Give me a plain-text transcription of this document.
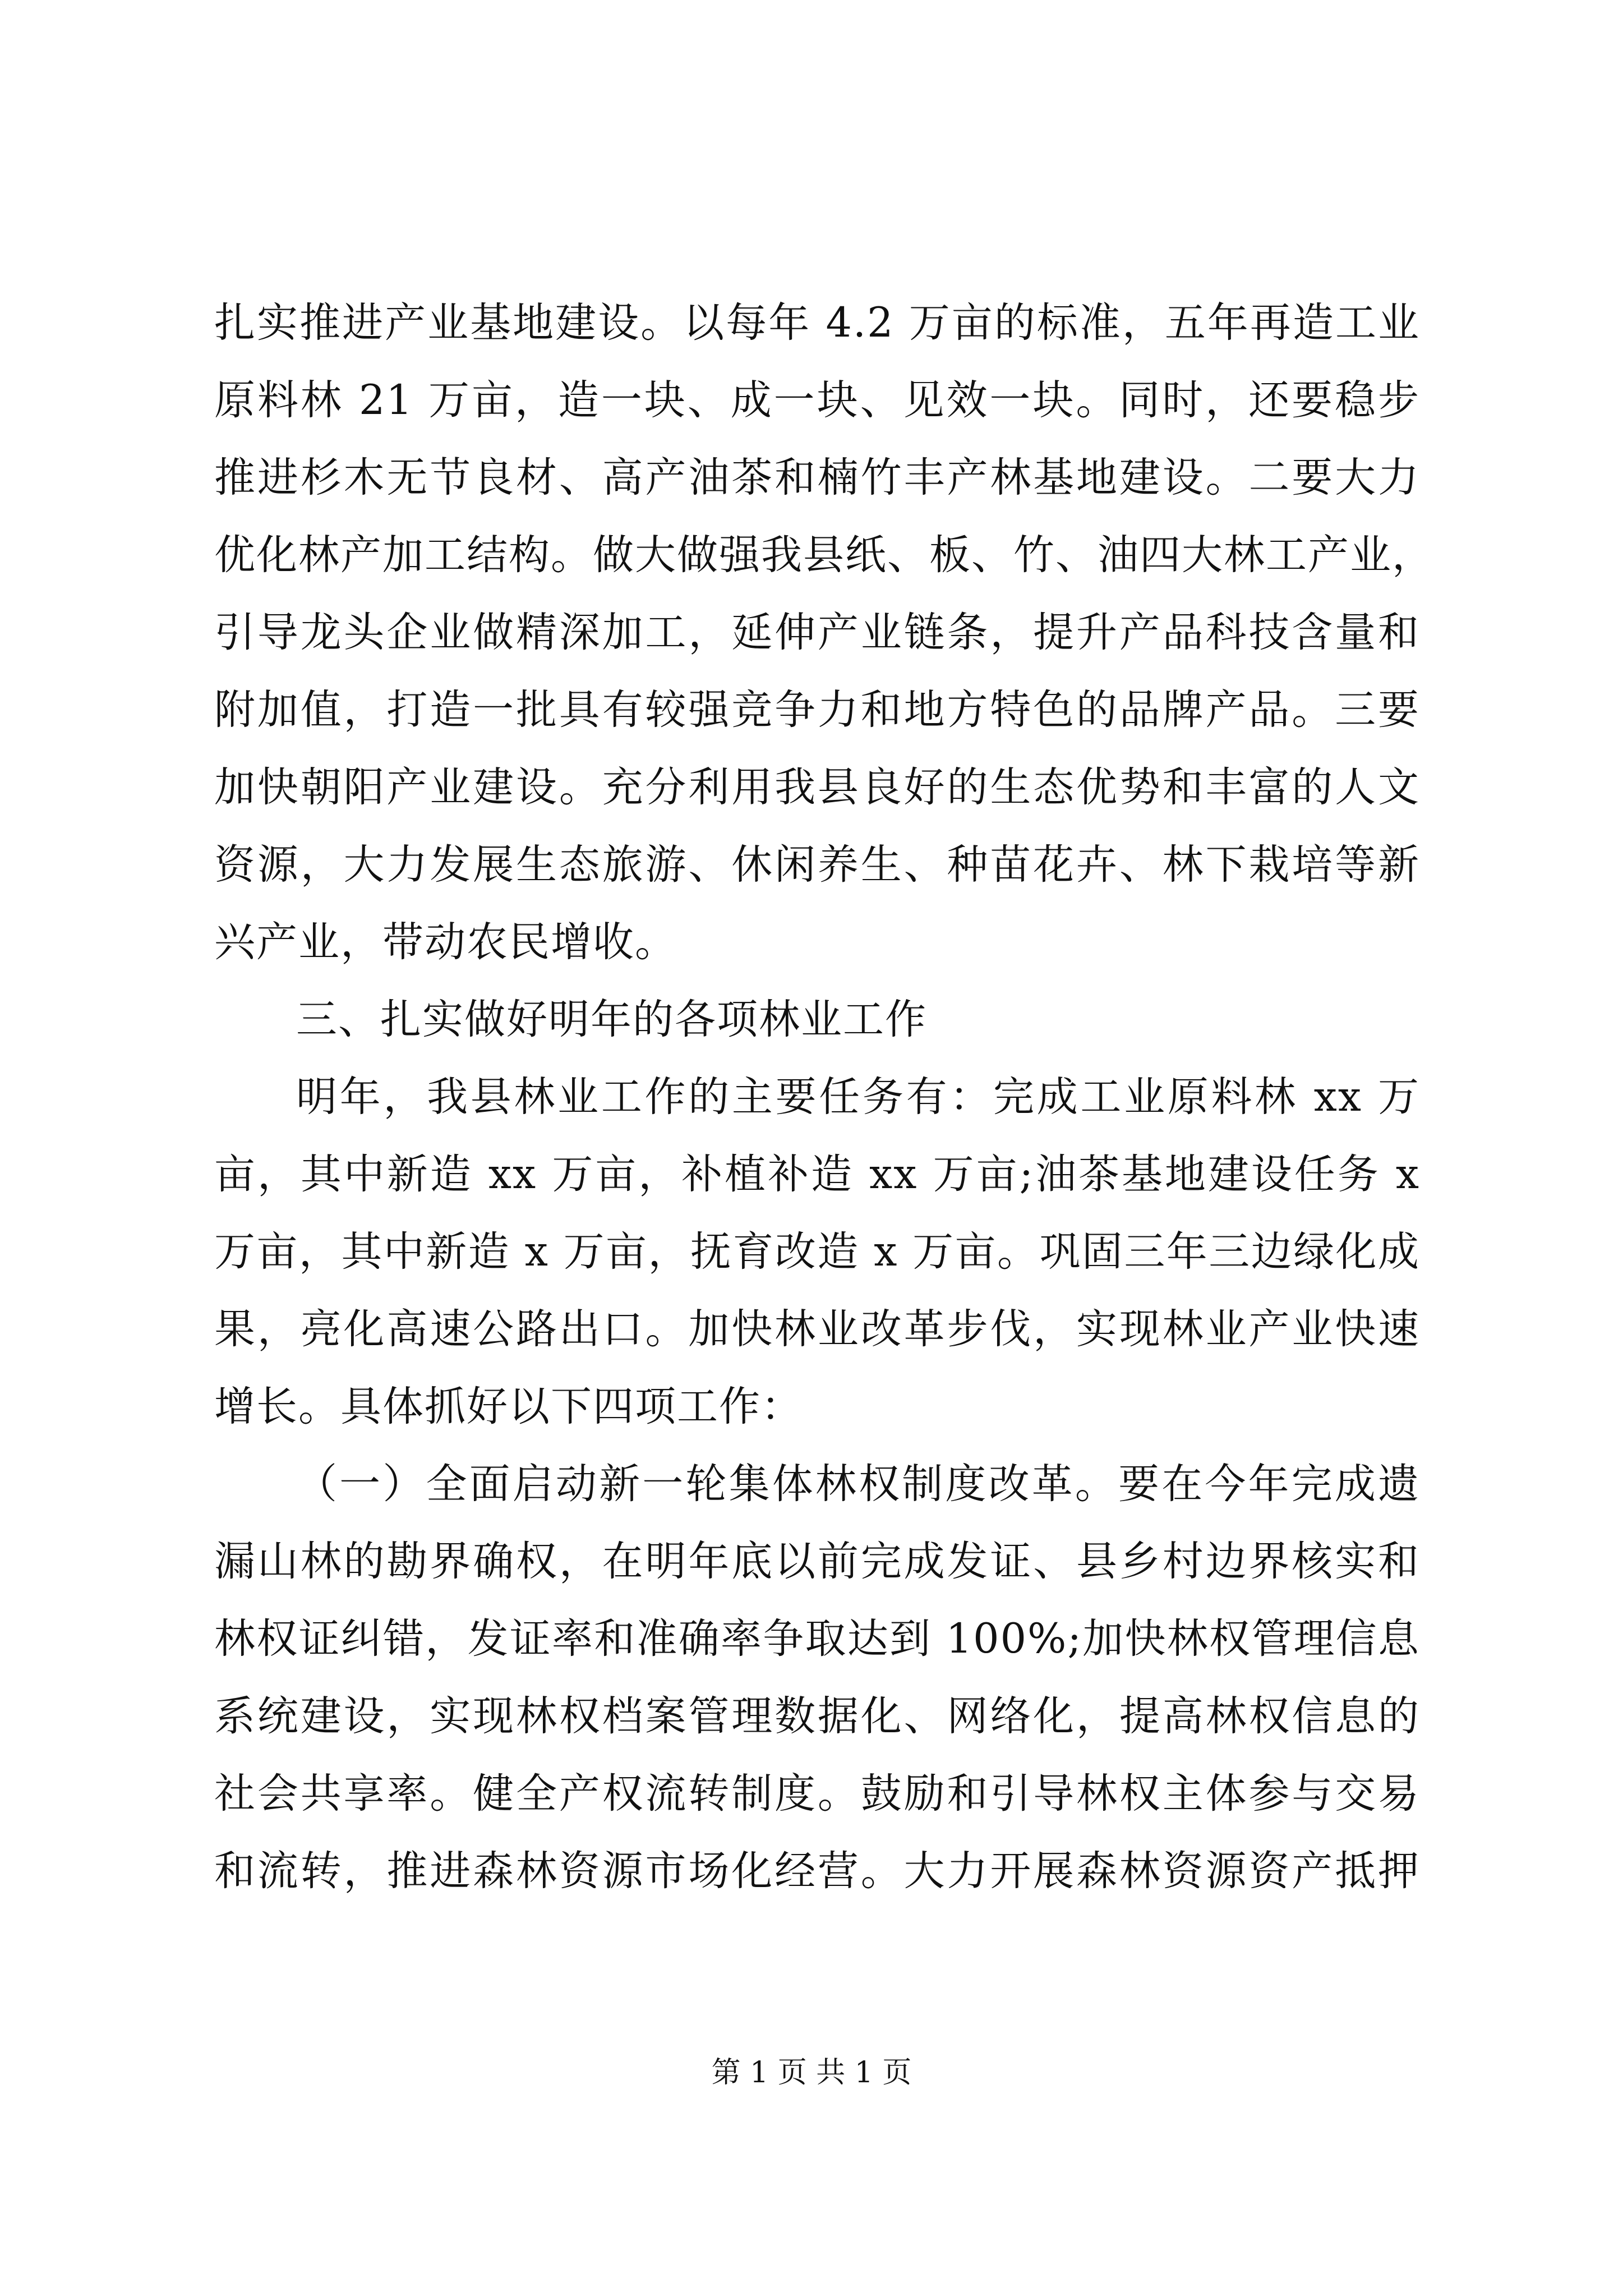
扎实推进产业基地建设。以每年 4.2 万亩的标准，五年再造工业
原料林 21 万亩，造一块、成一块、见效一块。同时，还要稳步
推进杉木无节良材、高产油茶和楠竹丰产林基地建设。二要大力
优化林产加工结构。做大做强我县纸、板、竹、油四大林工产业，
引导龙头企业做精深加工，延伸产业链条，提升产品科技含量和
附加值，打造一批具有较强竞争力和地方特色的品牌产品。三要
加快朝阳产业建设。充分利用我县良好的生态优势和丰富的人文
资源，大力发展生态旅游、休闲养生、种苗花卉、林下栽培等新
兴产业，带动农民增收。
三、扎实做好明年的各项林业工作
明年，我县林业工作的主要任务有：完成工业原料林 xx 万
亩，其中新造 xx 万亩，补植补造 xx 万亩;油茶基地建设任务 x
万亩，其中新造 x 万亩，抚育改造 x 万亩。巩固三年三边绿化成
果，亮化高速公路出口。加快林业改革步伐，实现林业产业快速
增长。具体抓好以下四项工作：
（一）全面启动新一轮集体林权制度改革。要在今年完成遗
漏山林的勘界确权，在明年底以前完成发证、县乡村边界核实和
林权证纠错，发证率和准确率争取达到 100%;加快林权管理信息
系统建设，实现林权档案管理数据化、网络化，提高林权信息的
社会共享率。健全产权流转制度。鼓励和引导林权主体参与交易
和流转，推进森林资源市场化经营。大力开展森林资源资产抵押
第 1 页 共 1 页
